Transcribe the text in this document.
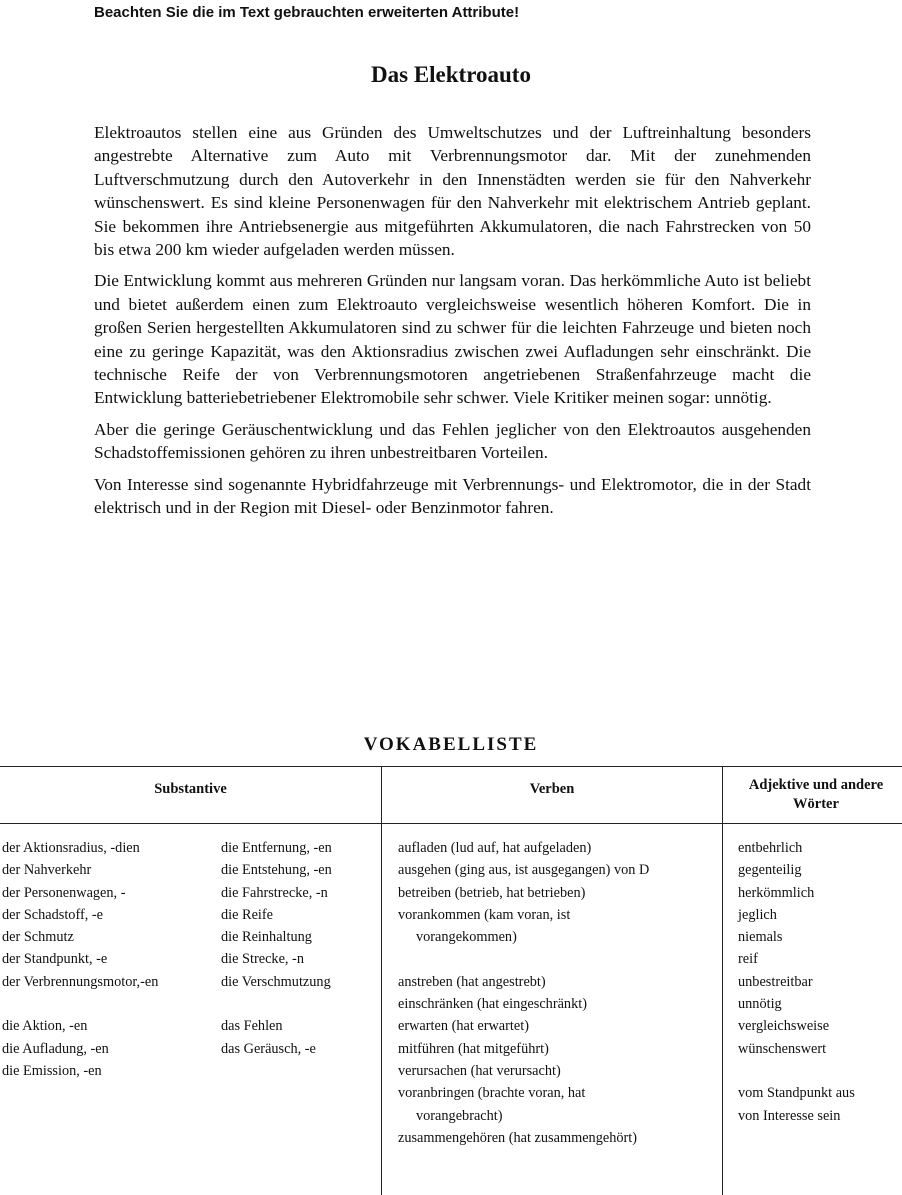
Beachten Sie die im Text gebrauchten erweiterten Attribute!

Das Elektroauto

Elektroautos stellen eine aus Gründen des Umweltschutzes und der Luftreinhaltung besonders angestrebte Alternative zum Auto mit Verbrennungsmotor dar. Mit der zunehmenden Luftverschmutzung durch den Autoverkehr in den Innenstädten werden sie für den Nahverkehr wünschenswert. Es sind kleine Personenwagen für den Nahverkehr mit elektrischem Antrieb geplant. Sie bekommen ihre Antriebsenergie aus mitgeführten Akkumulatoren, die nach Fahrstrecken von 50 bis etwa 200 km wieder aufgeladen werden müssen.

Die Entwicklung kommt aus mehreren Gründen nur langsam voran. Das herkömmliche Auto ist beliebt und bietet außerdem einen zum Elektroauto vergleichsweise wesentlich höheren Komfort. Die in großen Serien hergestellten Akkumulatoren sind zu schwer für die leichten Fahrzeuge und bieten noch eine zu geringe Kapazität, was den Aktionsradius zwischen zwei Aufladungen sehr einschränkt. Die technische Reife der von Verbrennungsmotoren angetriebenen Straßenfahrzeuge macht die Entwicklung batteriebetriebener Elektromobile sehr schwer. Viele Kritiker meinen sogar: unnötig.

Aber die geringe Geräuschentwicklung und das Fehlen jeglicher von den Elektroautos ausgehenden Schadstoffemissionen gehören zu ihren unbestreitbaren Vorteilen.

Von Interesse sind sogenannte Hybridfahrzeuge mit Verbrennungs- und Elektromotor, die in der Stadt elektrisch und in der Region mit Diesel- oder Benzinmotor fahren.

VOKABELLISTE
Substantive	Verben	Adjektive und andere Wörter
der Aktionsradius, -dien
der Nahverkehr
der Personenwagen, -
der Schadstoff, -e
der Schmutz
der Standpunkt, -e
der Verbrennungsmotor,-en
die Aktion, -en
die Aufladung, -en
die Emission, -en
die Entfernung, -en
die Entstehung, -en
die Fahrstrecke, -n
die Reife
die Reinhaltung
die Strecke, -n
die Verschmutzung
das Fehlen
das Geräusch, -e
aufladen (lud auf, hat aufgeladen)
ausgehen (ging aus, ist ausgegangen) von D
betreiben (betrieb, hat betrieben)
vorankommen (kam voran, ist
vorangekommen)
anstreben (hat angestrebt)
einschränken (hat eingeschränkt)
erwarten (hat erwartet)
mitführen (hat mitgeführt)
verursachen (hat verursacht)
voranbringen (brachte voran, hat
vorangebracht)
zusammengehören (hat zusammengehört)
entbehrlich
gegenteilig
herkömmlich
jeglich
niemals
reif
unbestreitbar
unnötig
vergleichsweise
wünschenswert
vom Standpunkt aus
von Interesse sein
